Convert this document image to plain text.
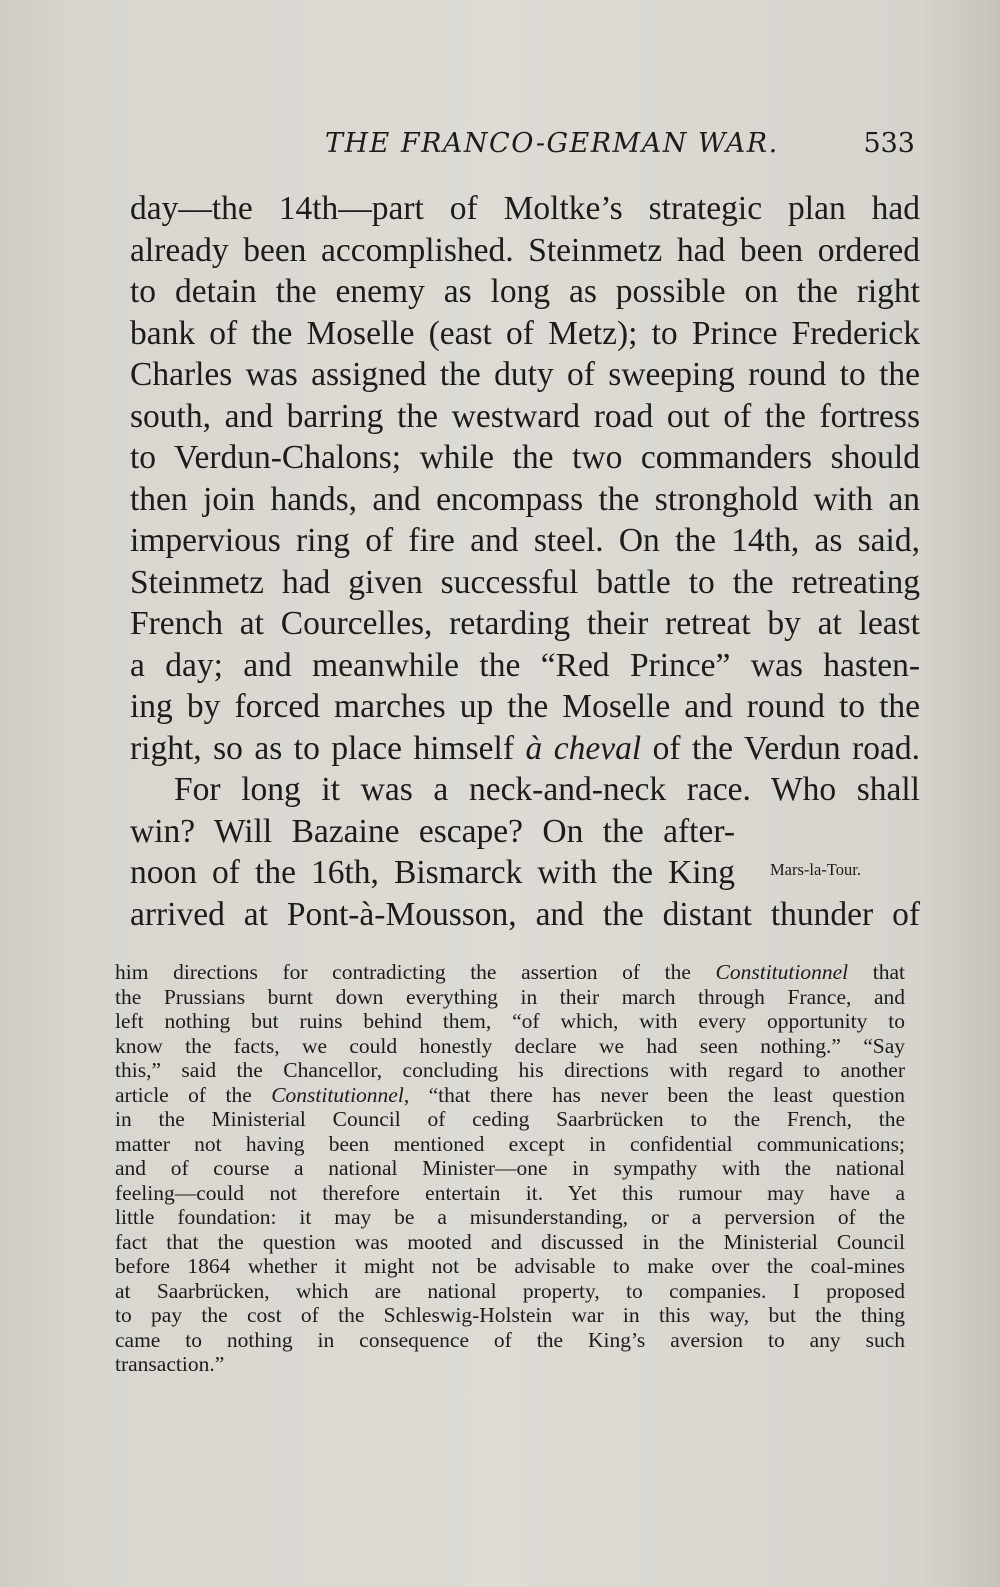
THE FRANCO-GERMAN WAR.	533
day—the 14th—part of Moltke’s strategic plan had
already been accomplished. Steinmetz had been ordered
to detain the enemy as long as possible on the right
bank of the Moselle (east of Metz); to Prince Frederick
Charles was assigned the duty of sweeping round to the
south, and barring the westward road out of the fortress
to Verdun-Chalons; while the two commanders should
then join hands, and encompass the stronghold with an
impervious ring of fire and steel. On the 14th, as said,
Steinmetz had given successful battle to the retreating
French at Courcelles, retarding their retreat by at least
a day; and meanwhile the “Red Prince” was hasten-
ing by forced marches up the Moselle and round to the
right, so as to place himself à cheval of the Verdun road.
For long it was a neck-and-neck race. Who shall
win? Will Bazaine escape? On the after-
noon of the 16th, Bismarck with the King
arrived at Pont-à-Mousson, and the distant thunder of
Mars-la-Tour.
him directions for contradicting the assertion of the Constitutionnel that
the Prussians burnt down everything in their march through France, and
left nothing but ruins behind them, “of which, with every opportunity to
know the facts, we could honestly declare we had seen nothing.” “Say
this,” said the Chancellor, concluding his directions with regard to another
article of the Constitutionnel, “that there has never been the least question
in the Ministerial Council of ceding Saarbrücken to the French, the
matter not having been mentioned except in confidential communications;
and of course a national Minister—one in sympathy with the national
feeling—could not therefore entertain it. Yet this rumour may have a
little foundation: it may be a misunderstanding, or a perversion of the
fact that the question was mooted and discussed in the Ministerial Council
before 1864 whether it might not be advisable to make over the coal-mines
at Saarbrücken, which are national property, to companies. I proposed
to pay the cost of the Schleswig-Holstein war in this way, but the thing
came to nothing in consequence of the King’s aversion to any such
transaction.”
